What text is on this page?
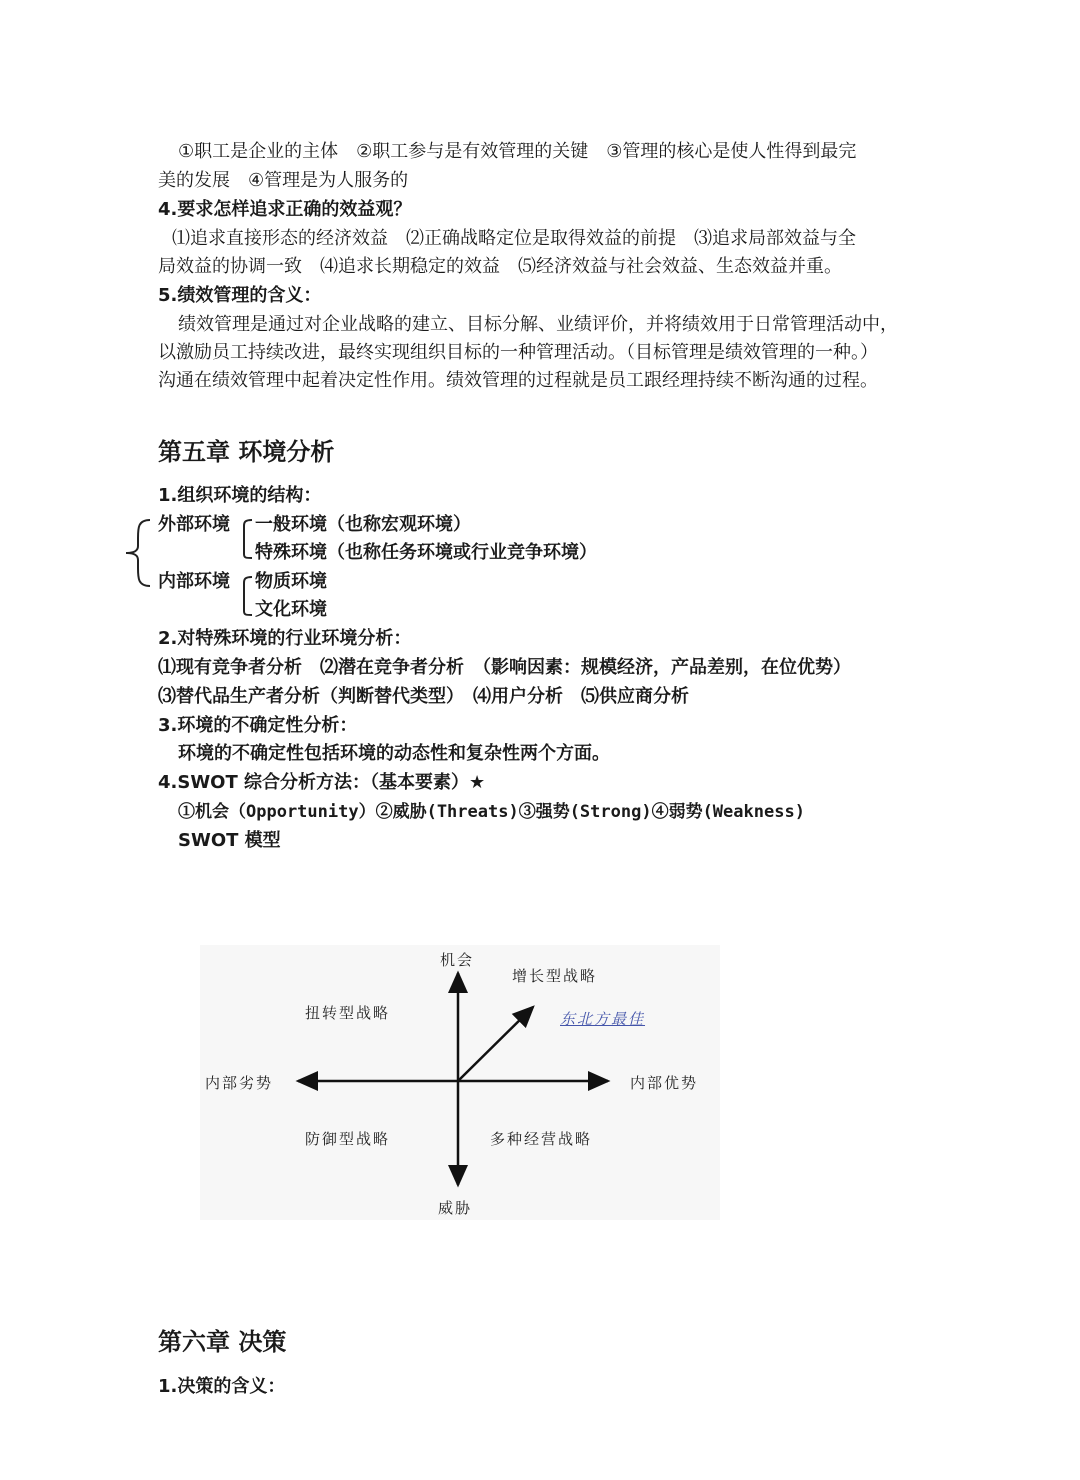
①职工是企业的主体　②职工参与是有效管理的关键　③管理的核心是使人性得到最完
美的发展　④管理是为人服务的
4.要求怎样追求正确的效益观？
⑴追求直接形态的经济效益　⑵正确战略定位是取得效益的前提　⑶追求局部效益与全
局效益的协调一致　⑷追求长期稳定的效益　⑸经济效益与社会效益、生态效益并重。
5.绩效管理的含义：
绩效管理是通过对企业战略的建立、目标分解、业绩评价，并将绩效用于日常管理活动中，
以激励员工持续改进，最终实现组织目标的一种管理活动。（目标管理是绩效管理的一种。）
沟通在绩效管理中起着决定性作用。绩效管理的过程就是员工跟经理持续不断沟通的过程。
第五章 环境分析
1.组织环境的结构：
外部环境 一般环境（也称宏观环境）
特殊环境（也称任务环境或行业竞争环境）
内部环境 物质环境
文化环境
2.对特殊环境的行业环境分析：
⑴现有竞争者分析　⑵潜在竞争者分析　（影响因素：规模经济，产品差别，在位优势）
⑶替代品生产者分析（判断替代类型）　⑷用户分析　⑸供应商分析
3.环境的不确定性分析：
环境的不确定性包括环境的动态性和复杂性两个方面。
4.SWOT 综合分析方法：（基本要素）★
①机会（Opportunity）②威胁(Threats)③强势(Strong)④弱势(Weakness)
SWOT 模型
机会
威胁
内部劣势	内部优势
扭转型战略
增长型战略
东北方最佳
防御型战略	多种经营战略
第六章 决策
1.决策的含义：
